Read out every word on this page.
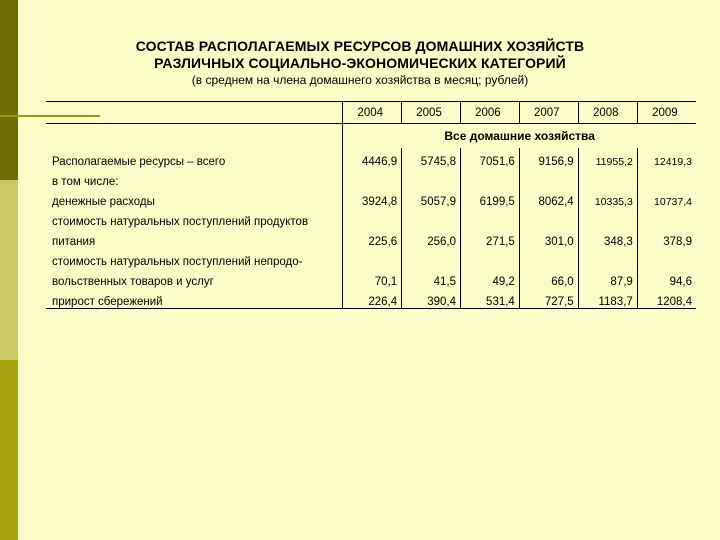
СОСТАВ РАСПОЛАГАЕМЫХ РЕСУРСОВ ДОМАШНИХ ХОЗЯЙСТВ
РАЗЛИЧНЫХ СОЦИАЛЬНО-ЭКОНОМИЧЕСКИХ КАТЕГОРИЙ
(в среднем на члена домашнего хозяйства в месяц; рублей)
	2004	2005	2006	2007	2008	2009
	Все домашние хозяйства					
Располагаемые ресурсы – всего	4446,9	5745,8	7051,6	9156,9	11955,2	12419,3
в том числе:						
денежные расходы	3924,8	5057,9	6199,5	8062,4	10335,3	10737,4
стоимость натуральных поступлений продуктов						
питания	225,6	256,0	271,5	301,0	348,3	378,9
стоимость натуральных поступлений непродо-						
вольственных товаров и услуг	70,1	41,5	49,2	66,0	87,9	94,6
прирост сбережений	226,4	390,4	531,4	727,5	1183,7	1208,4
